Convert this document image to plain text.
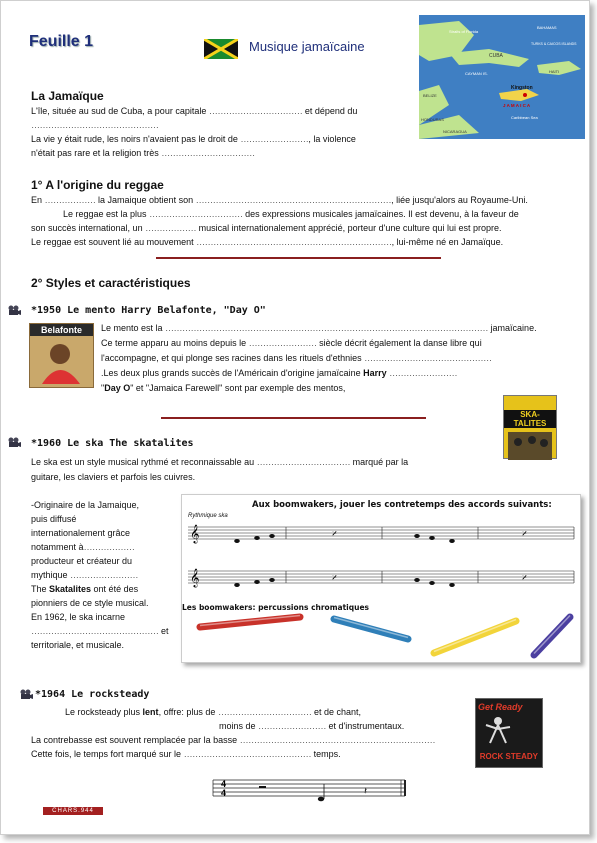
Feuille 1	Musique jamaïcaine
Straits of Florida
BAHAMAS
TURKS & CAICOS ISLANDS
CUBA
CAYMAN IS.	HAITI
Kingston
J A M A I C A
Caribbean Sea
HONDURAS
NICARAGUA
BELIZE
La Jamaïque
L'île, située au sud de Cuba, a pour capitale …………………………… et dépend du
………………………………………
La vie y était rude, les noirs n'avaient pas le droit de ……………………, la violence
n'était pas rare et la religion très ……………………………
1° A l'origine du reggae
En ……………… la Jamaique obtient son ……………………………………………………………, liée jusqu'alors au Royaume-Uni.
Le reggae est la plus …………………………… des expressions musicales jamaïcaines. Il est devenu, à la faveur de
son succès international, un ……………… musical internationalement apprécié, porteur d'une culture qui lui est propre.
Le reggae est souvent lié au mouvement ……………………………………………………………, lui-même né en Jamaïque.
2° Styles et caractéristiques
*1950 Le mento Harry Belafonte, "Day O"
Belafonte	Le mento est la …………………………………………………………………………………………………… jamaïcaine.
Ce terme apparu au moins depuis le …………………… siècle décrit également la danse libre qui
l'accompagne, et qui plonge ses racines dans les rituels d'ethnies ………………………………………
.Les deux plus grands succès de l'Américain d'origine jamaïcaine Harry ……………………
"Day O" et "Jamaica Farewell" sont par exemple des mentos,
SKA-TALITES
*1960 Le ska The skatalites
Le ska est un style musical rythmé et reconnaissable au …………………………… marqué par la
guitare, les claviers et parfois les cuivres.
-Originaire de la Jamaique,
puis diffusé
internationalement grâce
notamment à………………
producteur et créateur du
mythique ……………………
The Skatalites ont été des
pionniers de ce style musical.
En 1962, le ska incarne
……………………………………… et
territoriale, et musicale.
Aux boomwakers, jouer les contretemps des accords suivants:
Rythmique ska
𝄞
𝄞
𝄎	𝄎
𝄎	𝄎
Les boomwakers: percussions chromatiques
*1964 Le rocksteady
Le rocksteady plus lent, offre: plus de …………………………… et de chant,
moins de …………………… et d'instrumentaux.
La contrebasse est souvent remplacée par la basse ……………………………………………………………
Cette fois, le temps fort marqué sur le ……………………………………… temps.
Get Ready
ROCK STEADY
4
4	𝄽
CHARS.944
